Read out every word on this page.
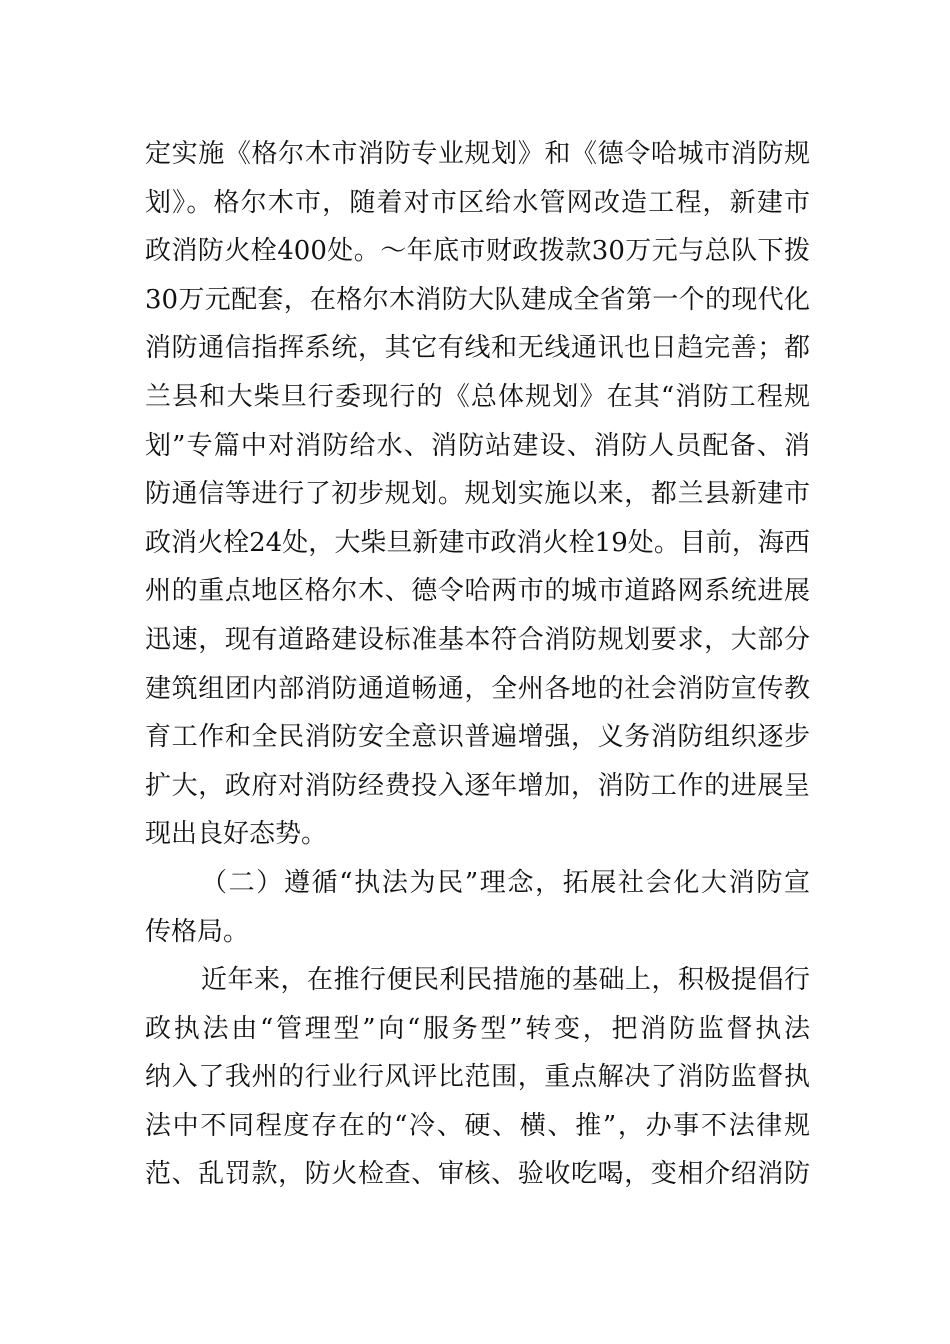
定实施《格尔木市消防专业规划》和《德令哈城市消防规
划》。格尔木市，随着对市区给水管网改造工程，新建市
政消防火栓400处。～年底市财政拨款30万元与总队下拨
30万元配套，在格尔木消防大队建成全省第一个的现代化
消防通信指挥系统，其它有线和无线通讯也日趋完善；都
兰县和大柴旦行委现行的《总体规划》在其“消防工程规
划”专篇中对消防给水、消防站建设、消防人员配备、消
防通信等进行了初步规划。规划实施以来，都兰县新建市
政消火栓24处，大柴旦新建市政消火栓19处。目前，海西
州的重点地区格尔木、德令哈两市的城市道路网系统进展
迅速，现有道路建设标准基本符合消防规划要求，大部分
建筑组团内部消防通道畅通，全州各地的社会消防宣传教
育工作和全民消防安全意识普遍增强，义务消防组织逐步
扩大，政府对消防经费投入逐年增加，消防工作的进展呈
现出良好态势。
（二）遵循“执法为民”理念，拓展社会化大消防宣
传格局。
近年来，在推行便民利民措施的基础上，积极提倡行
政执法由“管理型”向“服务型”转变，把消防监督执法
纳入了我州的行业行风评比范围，重点解决了消防监督执
法中不同程度存在的“冷、硬、横、推”，办事不法律规
范、乱罚款，防火检查、审核、验收吃喝，变相介绍消防
